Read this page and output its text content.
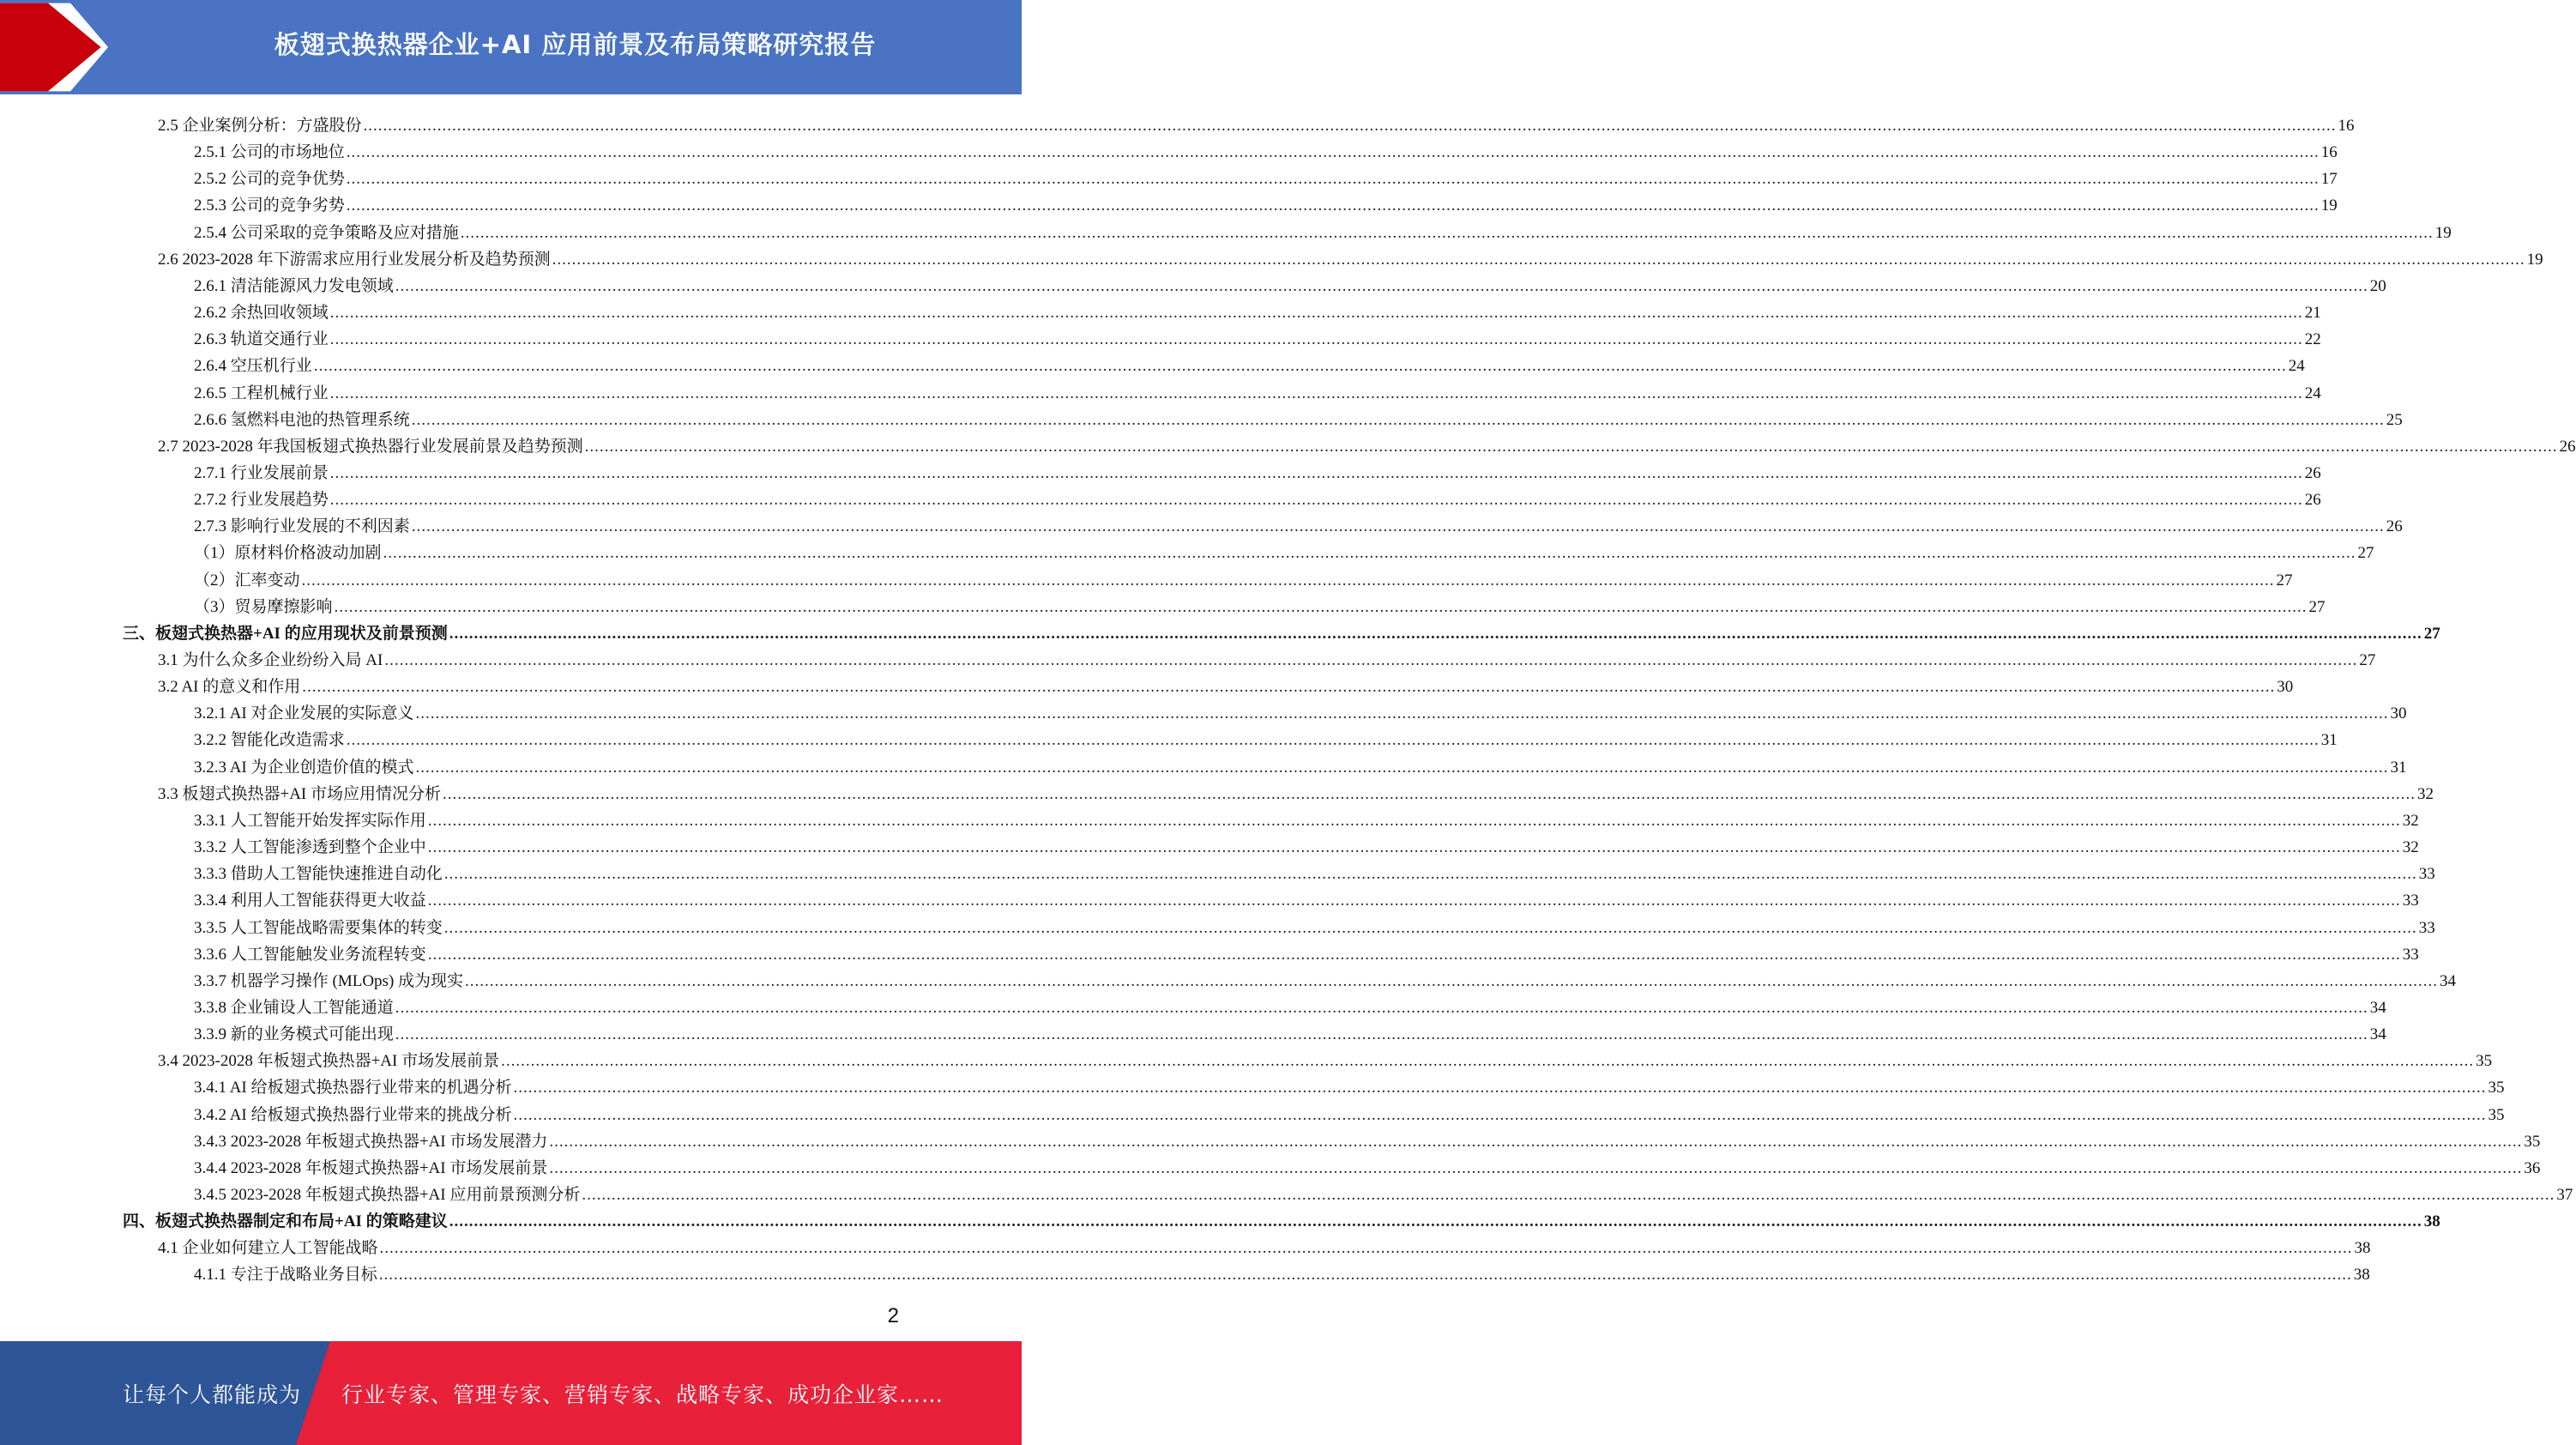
板翅式换热器企业+AI 应用前景及布局策略研究报告
2.5 企业案例分析：方盛股份 ................................................................................................................................................................................................................................................................................................................................................................................................................ 16
2.5.1 公司的市场地位 ................................................................................................................................................................................................................................................................................................................................................................................................................ 16
2.5.2 公司的竞争优势 ................................................................................................................................................................................................................................................................................................................................................................................................................ 17
2.5.3 公司的竞争劣势 ................................................................................................................................................................................................................................................................................................................................................................................................................ 19
2.5.4 公司采取的竞争策略及应对措施 ................................................................................................................................................................................................................................................................................................................................................................................................................ 19
2.6 2023-2028 年下游需求应用行业发展分析及趋势预测 ................................................................................................................................................................................................................................................................................................................................................................................................................ 19
2.6.1 清洁能源风力发电领域 ................................................................................................................................................................................................................................................................................................................................................................................................................ 20
2.6.2 余热回收领域 ................................................................................................................................................................................................................................................................................................................................................................................................................ 21
2.6.3 轨道交通行业 ................................................................................................................................................................................................................................................................................................................................................................................................................ 22
2.6.4 空压机行业 ................................................................................................................................................................................................................................................................................................................................................................................................................ 24
2.6.5 工程机械行业 ................................................................................................................................................................................................................................................................................................................................................................................................................ 24
2.6.6 氢燃料电池的热管理系统 ................................................................................................................................................................................................................................................................................................................................................................................................................ 25
2.7 2023-2028 年我国板翅式换热器行业发展前景及趋势预测 ................................................................................................................................................................................................................................................................................................................................................................................................................ 26
2.7.1 行业发展前景 ................................................................................................................................................................................................................................................................................................................................................................................................................ 26
2.7.2 行业发展趋势 ................................................................................................................................................................................................................................................................................................................................................................................................................ 26
2.7.3 影响行业发展的不利因素 ................................................................................................................................................................................................................................................................................................................................................................................................................ 26
（1）原材料价格波动加剧 ................................................................................................................................................................................................................................................................................................................................................................................................................ 27
（2）汇率变动 ................................................................................................................................................................................................................................................................................................................................................................................................................ 27
（3）贸易摩擦影响 ................................................................................................................................................................................................................................................................................................................................................................................................................ 27
三、板翅式换热器+AI 的应用现状及前景预测 ................................................................................................................................................................................................................................................................................................................................................................................................................ 27
3.1 为什么众多企业纷纷入局 AI ................................................................................................................................................................................................................................................................................................................................................................................................................ 27
3.2 AI 的意义和作用 ................................................................................................................................................................................................................................................................................................................................................................................................................ 30
3.2.1 AI 对企业发展的实际意义 ................................................................................................................................................................................................................................................................................................................................................................................................................ 30
3.2.2 智能化改造需求 ................................................................................................................................................................................................................................................................................................................................................................................................................ 31
3.2.3 AI 为企业创造价值的模式 ................................................................................................................................................................................................................................................................................................................................................................................................................ 31
3.3 板翅式换热器+AI 市场应用情况分析 ................................................................................................................................................................................................................................................................................................................................................................................................................ 32
3.3.1 人工智能开始发挥实际作用 ................................................................................................................................................................................................................................................................................................................................................................................................................ 32
3.3.2 人工智能渗透到整个企业中 ................................................................................................................................................................................................................................................................................................................................................................................................................ 32
3.3.3 借助人工智能快速推进自动化 ................................................................................................................................................................................................................................................................................................................................................................................................................ 33
3.3.4 利用人工智能获得更大收益 ................................................................................................................................................................................................................................................................................................................................................................................................................ 33
3.3.5 人工智能战略需要集体的转变 ................................................................................................................................................................................................................................................................................................................................................................................................................ 33
3.3.6 人工智能触发业务流程转变 ................................................................................................................................................................................................................................................................................................................................................................................................................ 33
3.3.7 机器学习操作 (MLOps) 成为现实 ................................................................................................................................................................................................................................................................................................................................................................................................................ 34
3.3.8 企业铺设人工智能通道 ................................................................................................................................................................................................................................................................................................................................................................................................................ 34
3.3.9 新的业务模式可能出现 ................................................................................................................................................................................................................................................................................................................................................................................................................ 34
3.4 2023-2028 年板翅式换热器+AI 市场发展前景 ................................................................................................................................................................................................................................................................................................................................................................................................................ 35
3.4.1 AI 给板翅式换热器行业带来的机遇分析 ................................................................................................................................................................................................................................................................................................................................................................................................................ 35
3.4.2 AI 给板翅式换热器行业带来的挑战分析 ................................................................................................................................................................................................................................................................................................................................................................................................................ 35
3.4.3 2023-2028 年板翅式换热器+AI 市场发展潜力 ................................................................................................................................................................................................................................................................................................................................................................................................................ 35
3.4.4 2023-2028 年板翅式换热器+AI 市场发展前景 ................................................................................................................................................................................................................................................................................................................................................................................................................ 36
3.4.5 2023-2028 年板翅式换热器+AI 应用前景预测分析 ................................................................................................................................................................................................................................................................................................................................................................................................................ 37
四、板翅式换热器制定和布局+AI 的策略建议 ................................................................................................................................................................................................................................................................................................................................................................................................................ 38
4.1 企业如何建立人工智能战略 ................................................................................................................................................................................................................................................................................................................................................................................................................ 38
4.1.1 专注于战略业务目标 ................................................................................................................................................................................................................................................................................................................................................................................................................ 38
2
让每个人都能成为 行业专家、管理专家、营销专家、战略专家、成功企业家……
